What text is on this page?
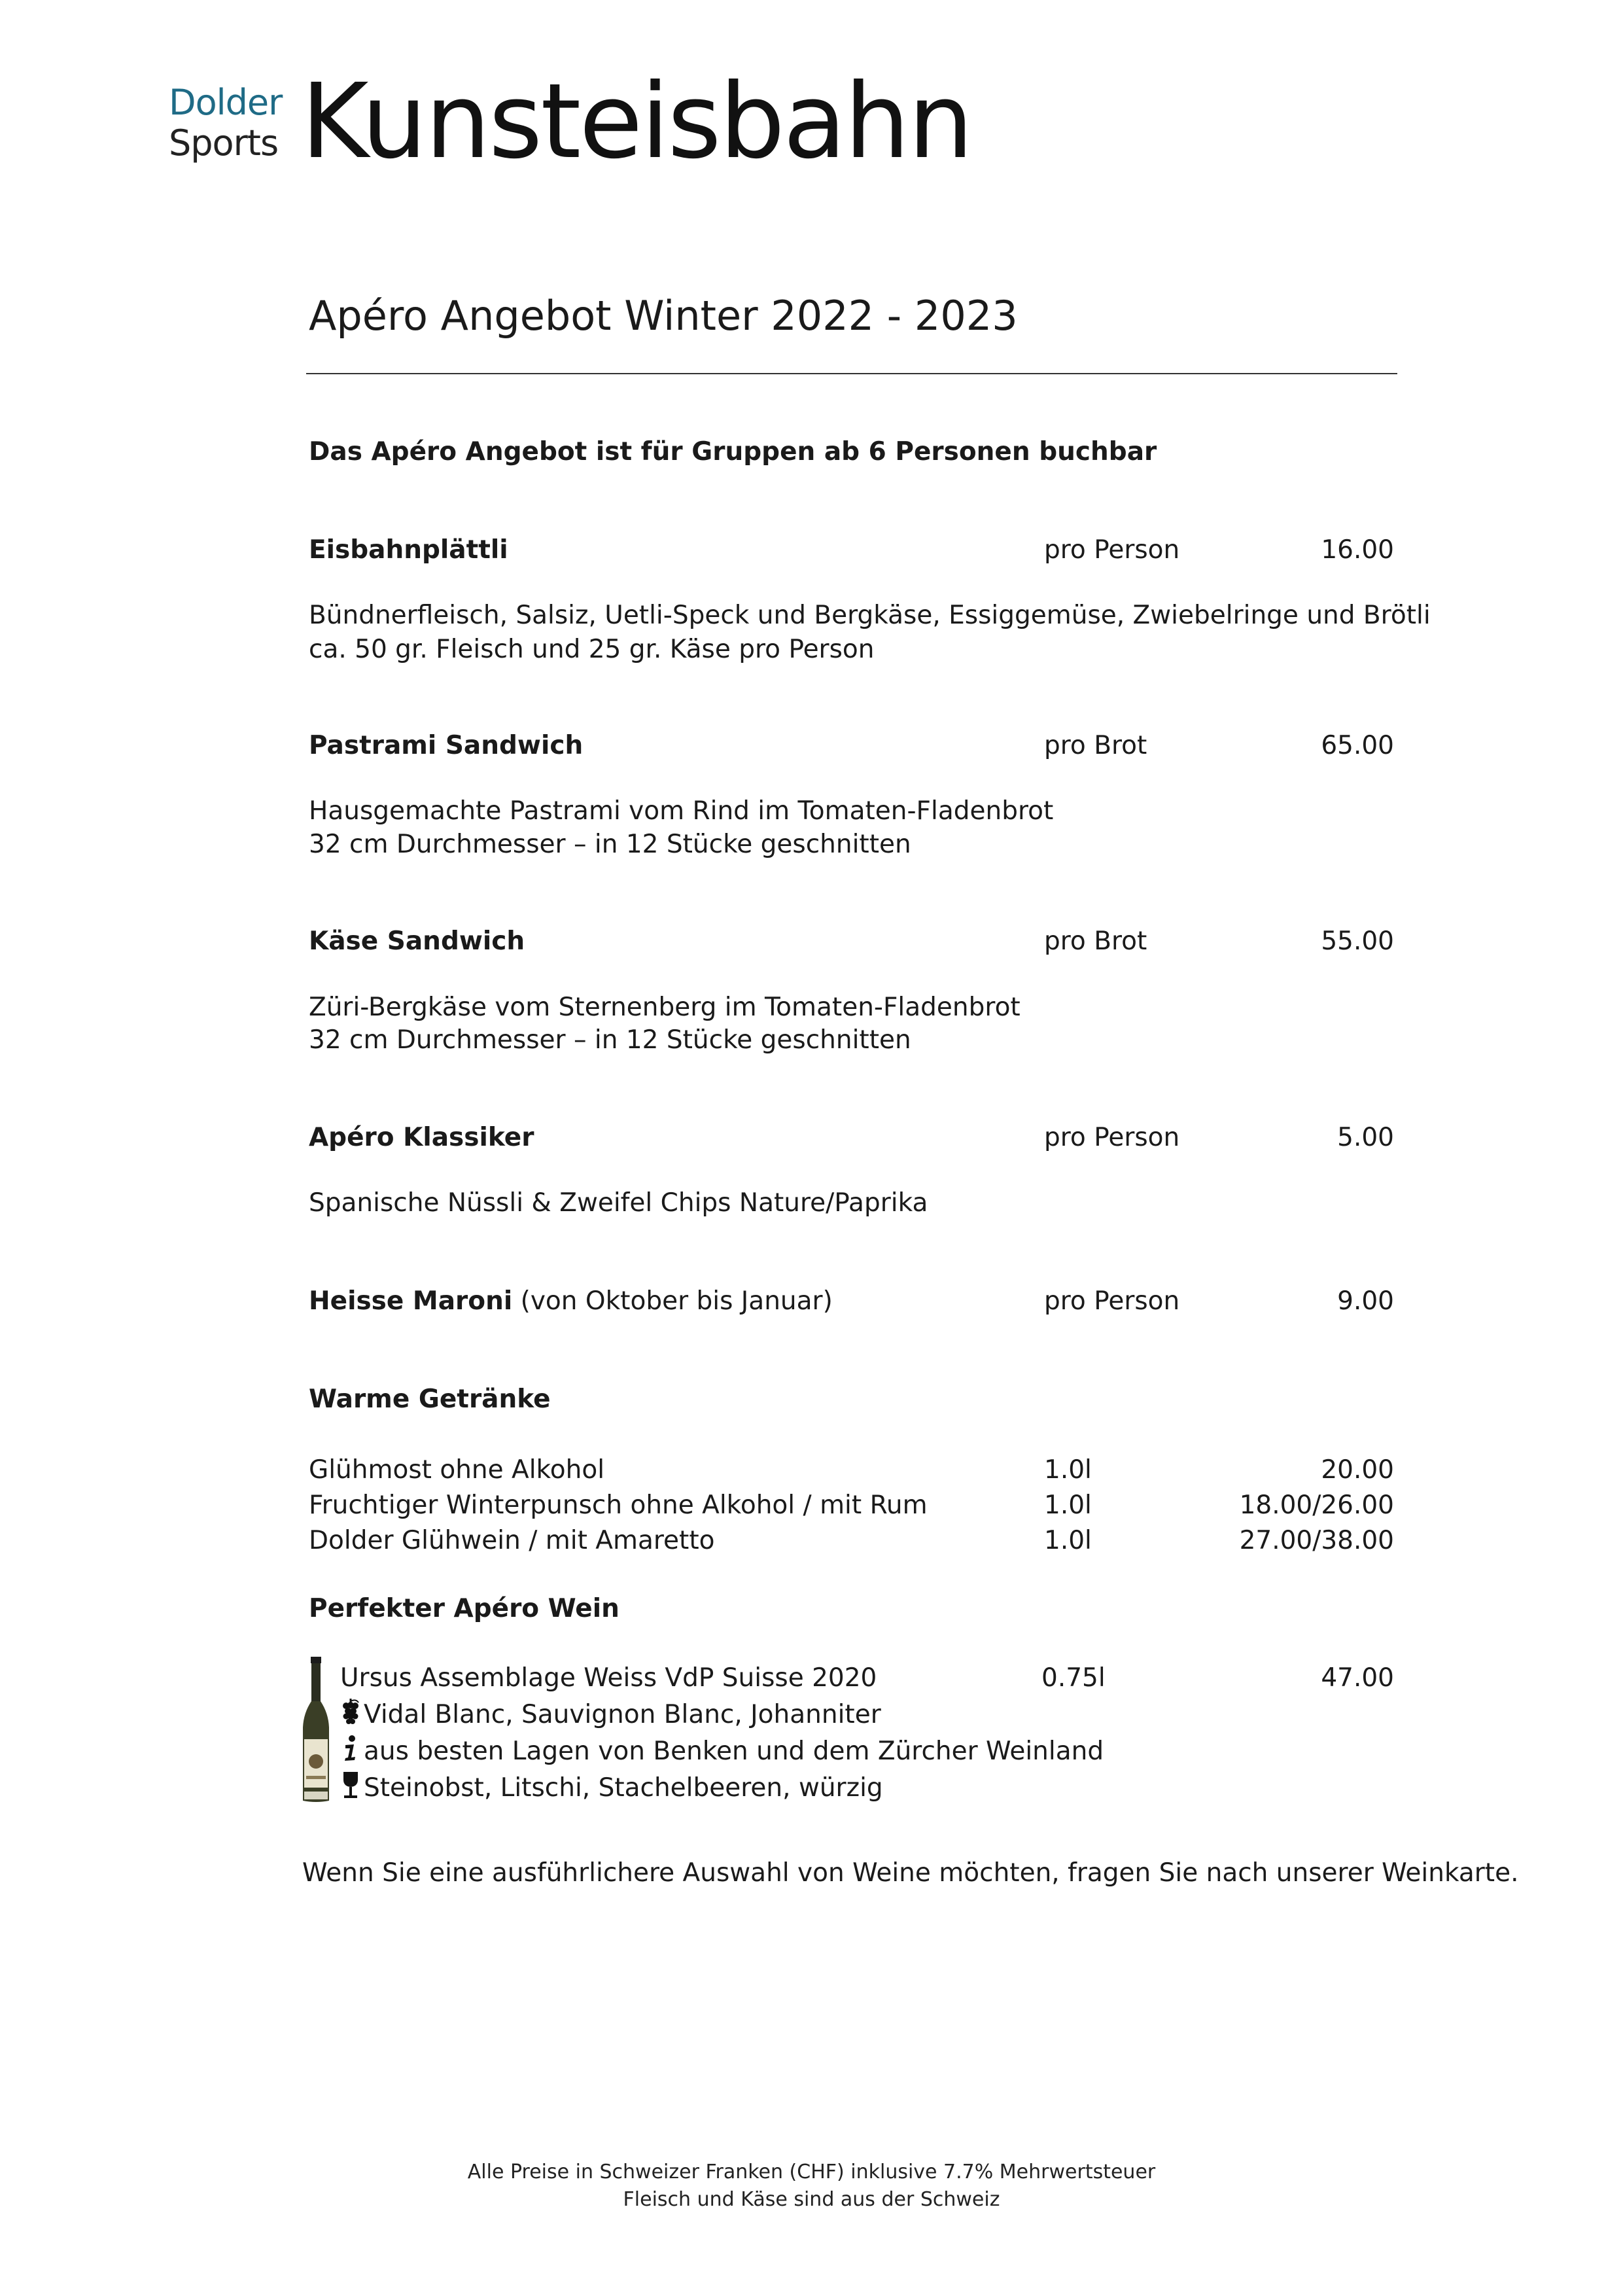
Dolder
Sports Kunsteisbahn
Apéro Angebot Winter 2022 - 2023
Das Apéro Angebot ist für Gruppen ab 6 Personen buchbar
Eisbahnplättli	pro Person	16.00
Bündnerfleisch, Salsiz, Uetli-Speck und Bergkäse, Essiggemüse, Zwiebelringe und Brötli
ca. 50 gr. Fleisch und 25 gr. Käse pro Person
Pastrami Sandwich	pro Brot	65.00
Hausgemachte Pastrami vom Rind im Tomaten-Fladenbrot
32 cm Durchmesser – in 12 Stücke geschnitten
Käse Sandwich	pro Brot	55.00
Züri-Bergkäse vom Sternenberg im Tomaten-Fladenbrot
32 cm Durchmesser – in 12 Stücke geschnitten
Apéro Klassiker	pro Person	5.00
Spanische Nüssli & Zweifel Chips Nature/Paprika
Heisse Maroni (von Oktober bis Januar)	pro Person	9.00
Warme Getränke
Glühmost ohne Alkohol	1.0l	20.00
Fruchtiger Winterpunsch ohne Alkohol / mit Rum	1.0l	18.00/26.00
Dolder Glühwein / mit Amaretto	1.0l	27.00/38.00
Perfekter Apéro Wein
Ursus Assemblage Weiss VdP Suisse 2020	0.75l	47.00
Vidal Blanc, Sauvignon Blanc, Johanniter
aus besten Lagen von Benken und dem Zürcher Weinland
Steinobst, Litschi, Stachelbeeren, würzig
Wenn Sie eine ausführlichere Auswahl von Weine möchten, fragen Sie nach unserer Weinkarte.
Alle Preise in Schweizer Franken (CHF) inklusive 7.7% Mehrwertsteuer
Fleisch und Käse sind aus der Schweiz
